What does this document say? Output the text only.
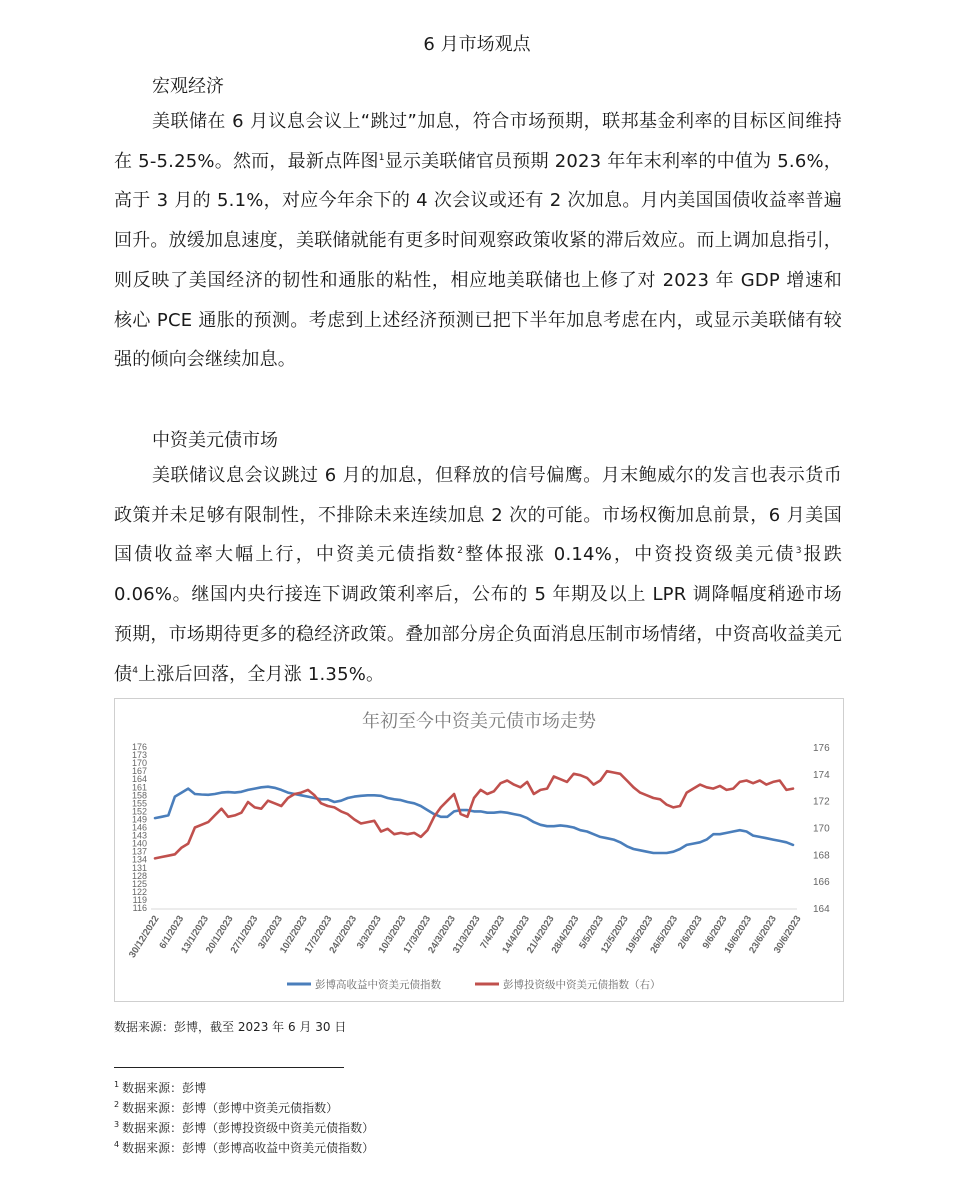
6 月市场观点
宏观经济
美联储在 6 月议息会议上“跳过”加息，符合市场预期，联邦基金利率的目标区间维持在 5-5.25%。然而，最新点阵图$^1$显示美联储官员预期 2023 年年末利率的中值为 5.6%，高于 3 月的 5.1%，对应今年余下的 4 次会议或还有 2 次加息。月内美国国债收益率普遍回升。放缓加息速度，美联储就能有更多时间观察政策收紧的滞后效应。而上调加息指引，则反映了美国经济的韧性和通胀的粘性，相应地美联储也上修了对 2023 年 GDP 增速和核心 PCE 通胀的预测。考虑到上述经济预测已把下半年加息考虑在内，或显示美联储有较强的倾向会继续加息。
中资美元债市场
美联储议息会议跳过 6 月的加息，但释放的信号偏鹰。月末鲍威尔的发言也表示货币政策并未足够有限制性，不排除未来连续加息 2 次的可能。市场权衡加息前景，6 月美国国债收益率大幅上行，中资美元债指数$^2$整体报涨 0.14%，中资投资级美元债$^3$报跌 0.06%。继国内央行接连下调政策利率后，公布的 5 年期及以上 LPR 调降幅度稍逊市场预期，市场期待更多的稳经济政策。叠加部分房企负面消息压制市场情绪，中资高收益美元债$^4$上涨后回落，全月涨 1.35%。
年初至今中资美元债市场走势
116
119
122
125
128
131
134
137
140
143
146
149
152
155
158
161
164
167
170
173
176
164
166
168
170
172
174
176
30/12/2022
6/1/2023
13/1/2023
20/1/2023
27/1/2023
3/2/2023
10/2/2023
17/2/2023
24/2/2023
3/3/2023
10/3/2023
17/3/2023
24/3/2023
31/3/2023
7/4/2023
14/4/2023
21/4/2023
28/4/2023
5/5/2023
12/5/2023
19/5/2023
26/5/2023
2/6/2023
9/6/2023
16/6/2023
23/6/2023
30/6/2023
彭博高收益中资美元债指数	彭博投资级中资美元债指数（右）
数据来源：彭博，截至 2023 年 6 月 30 日
$^1$ 数据来源：彭博
$^2$ 数据来源：彭博（彭博中资美元债指数）
$^3$ 数据来源：彭博（彭博投资级中资美元债指数）
$^4$ 数据来源：彭博（彭博高收益中资美元债指数）
